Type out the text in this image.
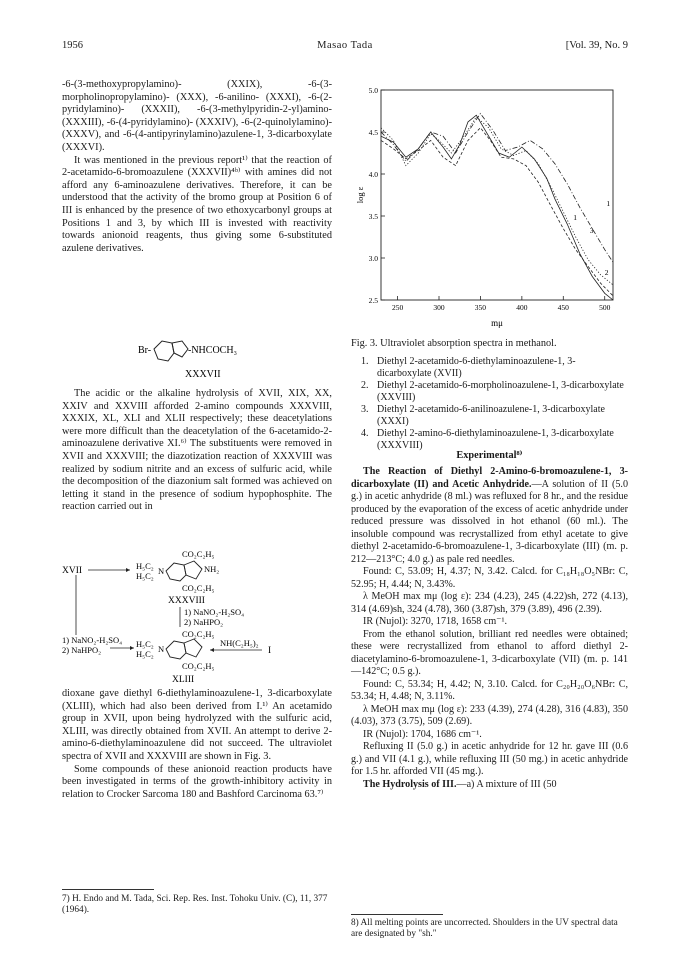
1956	Masao Tada	[Vol. 39, No. 9

-6-(3-methoxypropylamino)- (XXIX), -6-(3-morpholinopropylamino)- (XXX), -6-anilino- (XXXI), -6-(2-pyridylamino)- (XXXII), -6-(3-methylpyridin-2-yl)amino- (XXXIII), -6-(4-pyridylamino)- (XXXIV), -6-(2-quinolylamino)- (XXXV), and -6-(4-antipyrinylamino)azulene-1, 3-dicarboxylate (XXXVI).

It was mentioned in the previous report¹⁾ that the reaction of 2-acetamido-6-bromoazulene (XXXVII)⁴ᵇ⁾ with amines did not afford any 6-aminoazulene derivatives. Therefore, it can be understood that the activity of the bromo group at Position 6 of III is enhanced by the presence of two ethoxycarbonyl groups at Positions 1 and 3, by which III is invested with reactivity towards anionoid reagents, thus giving some 6-substituted azulene derivatives.

Br-	-NHCOCH₃
XXXVII

The acidic or the alkaline hydrolysis of XVII, XIX, XX, XXIV and XXVIII afforded 2-amino compounds XXXVIII, XXXIX, XL, XLI and XLII respectively; these deacetylations were more difficult than the deacetylation of the 6-acetamido-2-aminoazulene derivative XI.⁶⁾ The substituents were removed in XVII and XXXVIII; the diazotization reaction of XXXVIII was realized by sodium nitrite and an excess of sulfuric acid, while the decomposition of the diazonium salt formed was achieved on letting it stand in the presence of sodium hypophosphite. The reaction carried out in

XVII
CO₂C₂H₅
H₅C₂
H₅C₂ N	NH₂
CO₂C₂H₅
XXXVIII
1) NaNO₂-H₂SO₄
2) NaHPO₂
1) NaNO₂-H₂SO₄
2) NaHPO₂
CO₂C₂H₅
H₅C₂
H₅C₂ N
CO₂C₂H₅
NH(C₂H₅)₂
I
XLIII

dioxane gave diethyl 6-diethylaminoazulene-1, 3-dicarboxylate (XLIII), which had also been derived from I.¹⁾ An acetamido group in XVII, upon being hydrolyzed with the sulfuric acid, XLIII, was directly obtained from XVII. An attempt to derive 2-amino-6-diethylaminoazulene did not succeed. The ultraviolet spectra of XVII and XXXVIII are shown in Fig. 3.

Some compounds of these anionoid reaction products have been investigated in terms of the growth-inhibitory activity in relation to Crocker Sarcoma 180 and Bashford Carcinoma 63.⁷⁾

7) H. Endo and M. Tada, Sci. Rep. Res. Inst. Tohoku Univ. (C), 11, 377 (1964).
250	300	350	400	450	500
2.5
3.0
3.5
4.0
4.5
5.0
log ε
mμ
1
2
3
1
Fig. 3. Ultraviolet absorption spectra in methanol.
1. Diethyl 2-acetamido-6-diethylaminoazulene-1, 3-dicarboxylate (XVII)
2. Diethyl 2-acetamido-6-morpholinoazulene-1, 3-dicarboxylate (XXVIII)
3. Diethyl 2-acetamido-6-anilinoazulene-1, 3-dicarboxylate (XXXI)
4. Diethyl 2-amino-6-diethylaminoazulene-1, 3-dicarboxylate (XXXVIII)
Experimental⁸⁾

The Reaction of Diethyl 2-Amino-6-bromoazulene-1, 3-dicarboxylate (II) and Acetic Anhydride.—A solution of II (5.0 g.) in acetic anhydride (8 ml.) was refluxed for 8 hr., and the residue produced by the evaporation of the excess of acetic anhydride under reduced pressure was dissolved in hot ethanol (60 ml.). The insoluble compound was recrystallized from ethyl acetate to give diethyl 2-acetamido-6-bromoazulene-1, 3-dicarboxylate (III) (m. p. 212—213°C; 4.0 g.) as pale red needles.

Found: C, 53.09; H, 4.37; N, 3.42. Calcd. for C₁₈H₁₈O₅NBr: C, 52.95; H, 4.44; N, 3.43%.

λ MeOH max mμ (log ε): 234 (4.23), 245 (4.22)sh, 272 (4.13), 314 (4.69)sh, 324 (4.78), 360 (3.87)sh, 379 (3.89), 496 (2.39).

IR (Nujol): 3270, 1718, 1658 cm⁻¹.

From the ethanol solution, brilliant red needles were obtained; these were recrystallized from ethanol to afford diethyl 2-diacetylamino-6-bromoazulene-1, 3-dicarboxylate (VII) (m. p. 141—142°C; 0.5 g.).

Found: C, 53.34; H, 4.42; N, 3.10. Calcd. for C₂₀H₂₀O₆NBr: C, 53.34; H, 4.48; N, 3.11%.

λ MeOH max mμ (log ε): 233 (4.39), 274 (4.28), 316 (4.83), 350 (4.03), 373 (3.75), 509 (2.69).

IR (Nujol): 1704, 1686 cm⁻¹.

Refluxing II (5.0 g.) in acetic anhydride for 12 hr. gave III (0.6 g.) and VII (4.1 g.), while refluxing III (50 mg.) in acetic anhydride for 1.5 hr. afforded VII (45 mg.).

The Hydrolysis of III.—a) A mixture of III (50

8) All melting points are uncorrected. Shoulders in the UV spectral data are designated by "sh."
